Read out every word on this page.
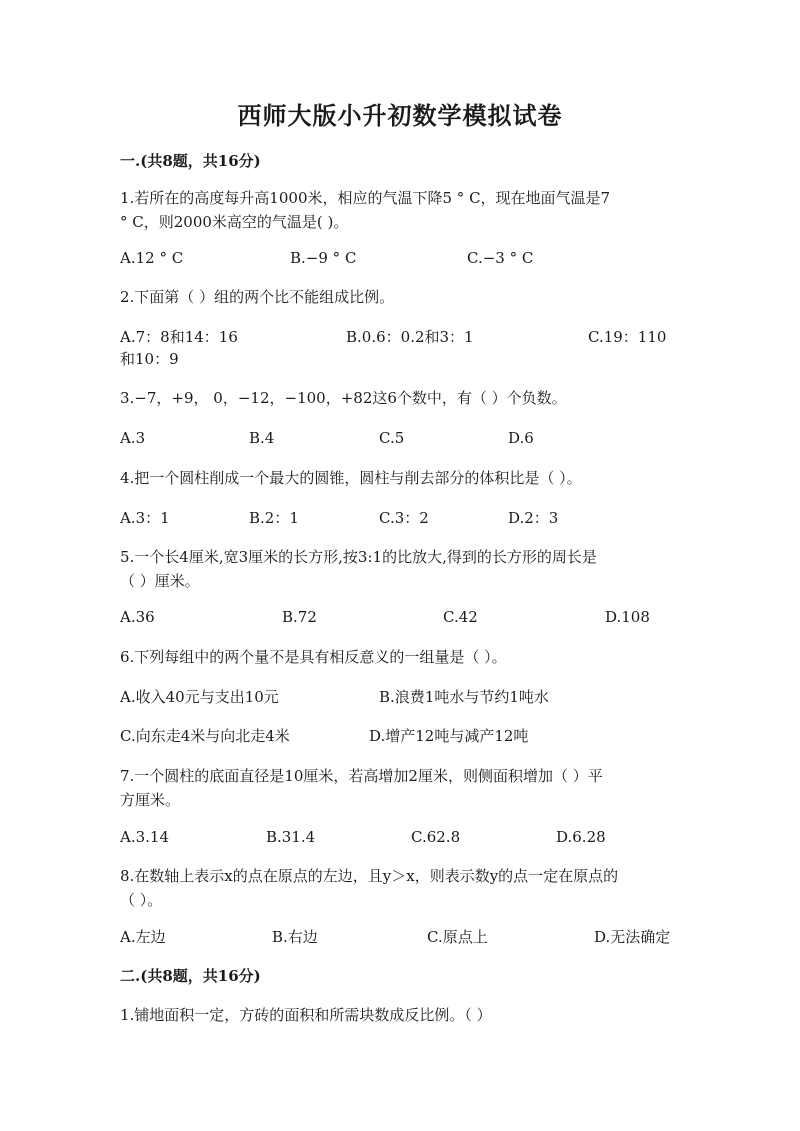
西师大版小升初数学模拟试卷
一.(共8题，共16分)
1.若所在的高度每升高1000米，相应的气温下降5 ° C，现在地面气温是7
° C，则2000米高空的气温是( )。
A.12 ° C	B.−9 ° C	C.−3 ° C
2.下面第（ ）组的两个比不能组成比例。
A.7：8和14：16	B.0.6：0.2和3：1	C.19：110
和10：9
3.−7，+9， 0，−12，−100，+82这6个数中，有（ ）个负数。
A.3	B.4	C.5	D.6
4.把一个圆柱削成一个最大的圆锥，圆柱与削去部分的体积比是（ ）。
A.3：1	B.2：1	C.3：2	D.2：3
5.一个长4厘米,宽3厘米的长方形,按3:1的比放大,得到的长方形的周长是
（ ）厘米。
A.36	B.72	C.42	D.108
6.下列每组中的两个量不是具有相反意义的一组量是（ ）。
A.收入40元与支出10元	B.浪费1吨水与节约1吨水
C.向东走4米与向北走4米	D.增产12吨与减产12吨
7.一个圆柱的底面直径是10厘米，若高增加2厘米，则侧面积增加（ ）平
方厘米。
A.3.14	B.31.4	C.62.8	D.6.28
8.在数轴上表示x的点在原点的左边，且y＞x，则表示数y的点一定在原点的
（ ）。
A.左边	B.右边	C.原点上	D.无法确定
二.(共8题，共16分)
1.铺地面积一定，方砖的面积和所需块数成反比例。（ ）
